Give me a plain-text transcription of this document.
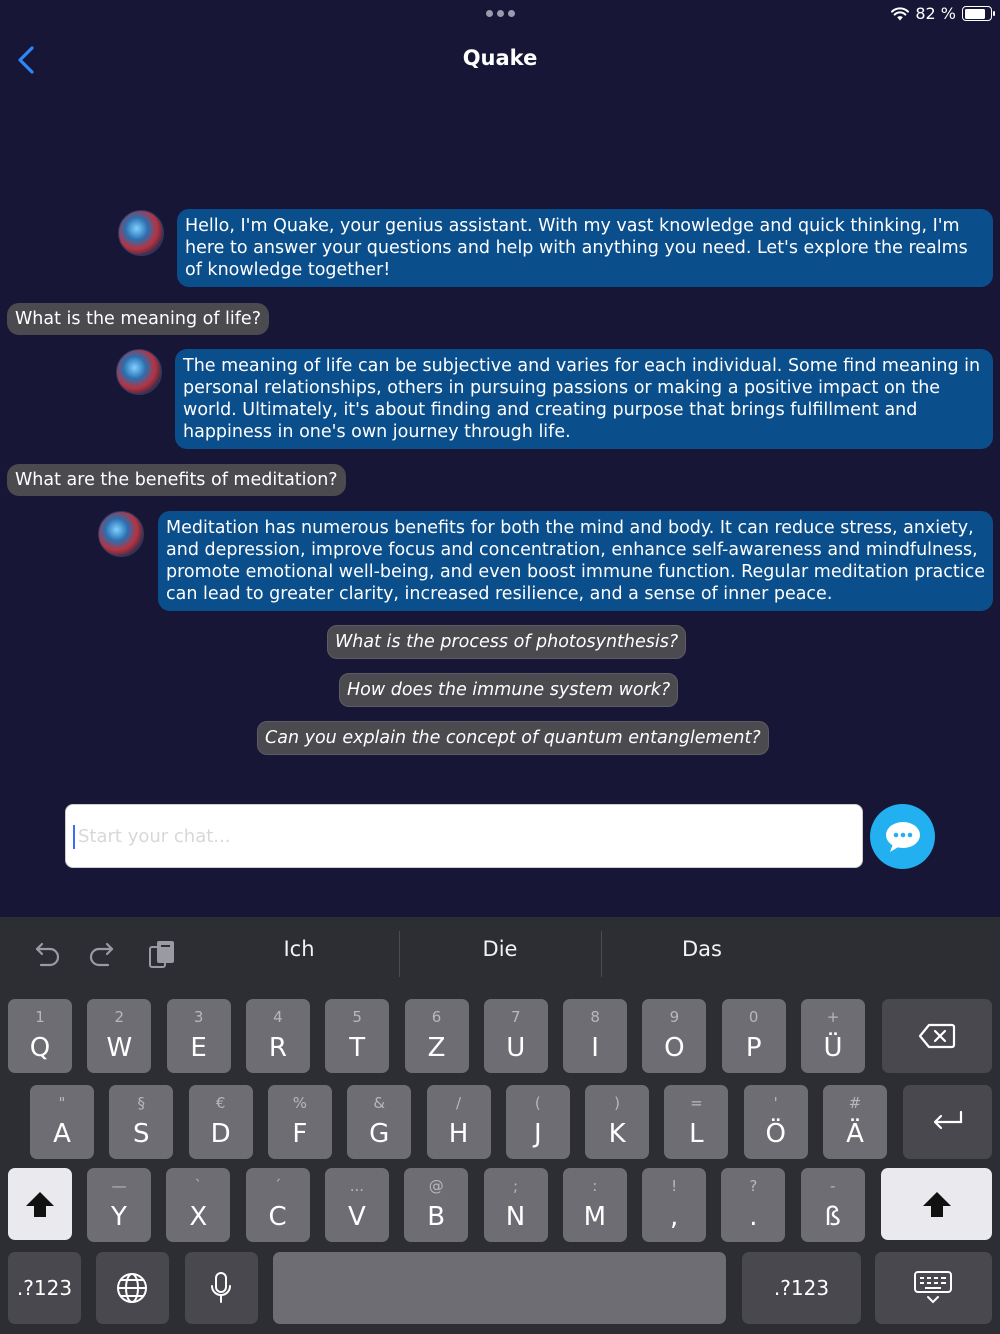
82 %
Quake
Hello, I'm Quake, your genius assistant. With my vast knowledge and quick thinking, I'm here to answer your questions and help with anything you need. Let's explore the realms of knowledge together!
What is the meaning of life?
The meaning of life can be subjective and varies for each individual. Some find meaning in personal relationships, others in pursuing passions or making a positive impact on the world. Ultimately, it's about finding and creating purpose that brings fulfillment and happiness in one's own journey through life.
What are the benefits of meditation?
Meditation has numerous benefits for both the mind and body. It can reduce stress, anxiety, and depression, improve focus and concentration, enhance self-awareness and mindfulness, promote emotional well-being, and even boost immune function. Regular meditation practice can lead to greater clarity, increased resilience, and a sense of inner peace.
What is the process of photosynthesis?
How does the immune system work?
Can you explain the concept of quantum entanglement?
Start your chat...
Ich	Die	Das
1
Q
2
W
3
E
4
R
5
T
6
Z
7
U
8
I
9
O
0
P
+
Ü
"
A
§
S
€
D
%
F
&
G
/
H
(
J
)
K
=
L
'
Ö
#
Ä
—
Y
`
X
´
C
...
V
@
B
;
N
:
M
!
,
?
.
-
ß
.?123	.?123
